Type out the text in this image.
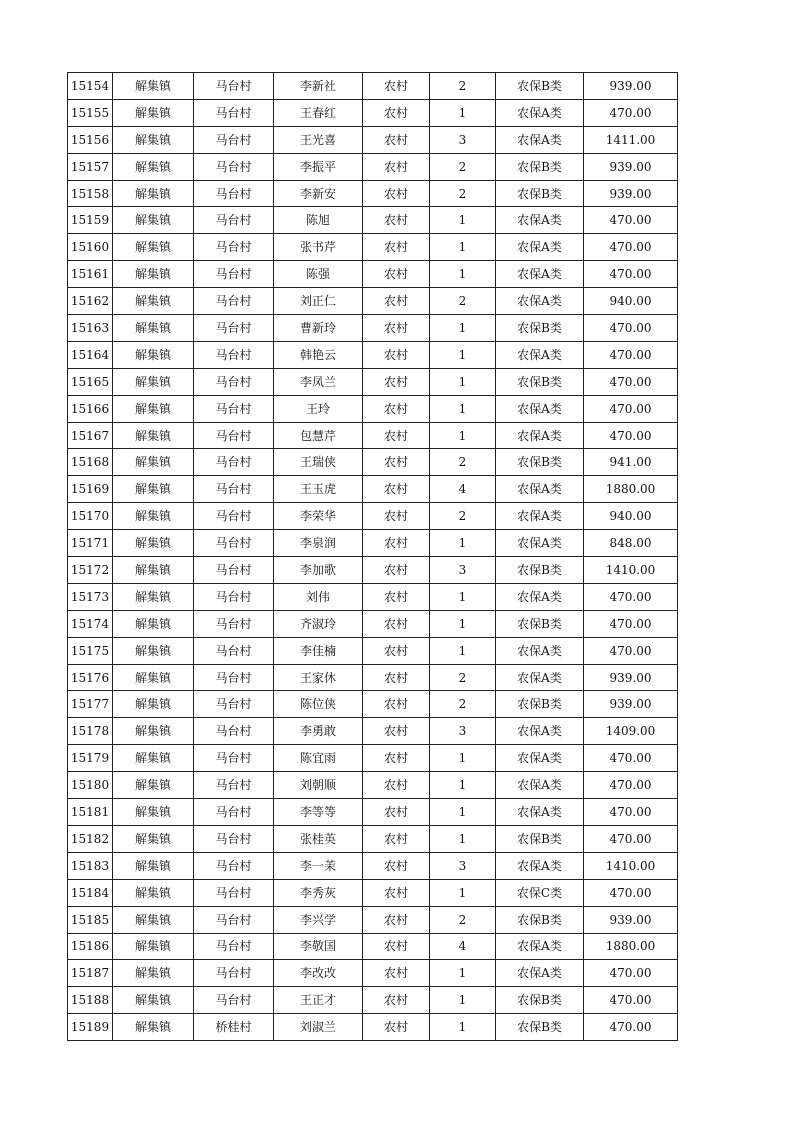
15154	解集镇	马台村	李新社	农村	2	农保B类	939.00
15155	解集镇	马台村	王春红	农村	1	农保A类	470.00
15156	解集镇	马台村	王光喜	农村	3	农保A类	1411.00
15157	解集镇	马台村	李振平	农村	2	农保B类	939.00
15158	解集镇	马台村	李新安	农村	2	农保B类	939.00
15159	解集镇	马台村	陈旭	农村	1	农保A类	470.00
15160	解集镇	马台村	张书芹	农村	1	农保A类	470.00
15161	解集镇	马台村	陈强	农村	1	农保A类	470.00
15162	解集镇	马台村	刘正仁	农村	2	农保A类	940.00
15163	解集镇	马台村	曹新玲	农村	1	农保B类	470.00
15164	解集镇	马台村	韩艳云	农村	1	农保A类	470.00
15165	解集镇	马台村	李凤兰	农村	1	农保B类	470.00
15166	解集镇	马台村	王玲	农村	1	农保A类	470.00
15167	解集镇	马台村	包慧芹	农村	1	农保A类	470.00
15168	解集镇	马台村	王瑞侠	农村	2	农保B类	941.00
15169	解集镇	马台村	王玉虎	农村	4	农保A类	1880.00
15170	解集镇	马台村	李荣华	农村	2	农保A类	940.00
15171	解集镇	马台村	李泉润	农村	1	农保A类	848.00
15172	解集镇	马台村	李加歌	农村	3	农保B类	1410.00
15173	解集镇	马台村	刘伟	农村	1	农保A类	470.00
15174	解集镇	马台村	齐淑玲	农村	1	农保B类	470.00
15175	解集镇	马台村	李佳楠	农村	1	农保A类	470.00
15176	解集镇	马台村	王家休	农村	2	农保A类	939.00
15177	解集镇	马台村	陈位侠	农村	2	农保B类	939.00
15178	解集镇	马台村	李勇敢	农村	3	农保A类	1409.00
15179	解集镇	马台村	陈宜雨	农村	1	农保A类	470.00
15180	解集镇	马台村	刘朝顺	农村	1	农保A类	470.00
15181	解集镇	马台村	李等等	农村	1	农保A类	470.00
15182	解集镇	马台村	张桂英	农村	1	农保B类	470.00
15183	解集镇	马台村	李一茉	农村	3	农保A类	1410.00
15184	解集镇	马台村	李秀灰	农村	1	农保C类	470.00
15185	解集镇	马台村	李兴学	农村	2	农保B类	939.00
15186	解集镇	马台村	李敬国	农村	4	农保A类	1880.00
15187	解集镇	马台村	李改改	农村	1	农保A类	470.00
15188	解集镇	马台村	王正才	农村	1	农保B类	470.00
15189	解集镇	桥桂村	刘淑兰	农村	1	农保B类	470.00
